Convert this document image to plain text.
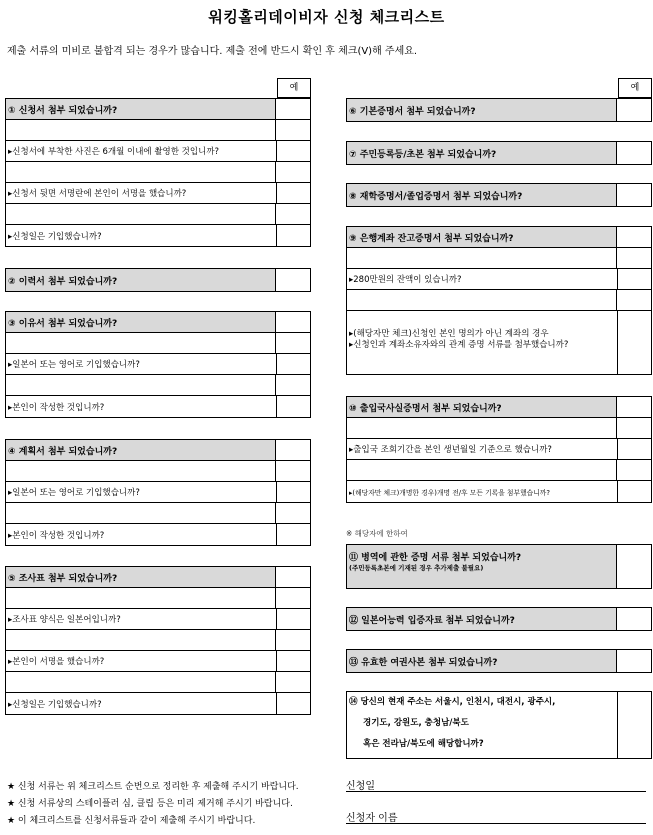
워킹홀리데이비자 신청 체크리스트
제출 서류의 미비로 불합격 되는 경우가 많습니다. 제출 전에 반드시 확인 후 체크(V)해 주세요.
예
① 신청서 첨부 되었습니까?
▸신청서에 부착한 사진은 6개월 이내에 촬영한 것입니까?
▸신청서 뒷면 서명란에 본인이 서명을 했습니까?
▸신청일은 기입했습니까?
② 이력서 첨부 되었습니까?
③ 이유서 첨부 되었습니까?
▸일본어 또는 영어로 기입했습니까?
▸본인이 작성한 것입니까?
④ 계획서 첨부 되었습니까?
▸일본어 또는 영어로 기입했습니까?
▸본인이 작성한 것입니까?
⑤ 조사표 첨부 되었습니까?
▸조사표 양식은 일본어입니까?
▸본인이 서명을 했습니까?
▸신청일은 기입했습니까?
예
⑥ 기본증명서 첨부 되었습니까?
⑦ 주민등록등/초본 첨부 되었습니까?
⑧ 재학증명서/졸업증명서 첨부 되었습니까?
⑨ 은행계좌 잔고증명서 첨부 되었습니까?
▸280만원의 잔액이 있습니까?
▸(해당자만 체크)신청인 본인 명의가 아닌 계좌의 경우
▸신청인과 계좌소유자와의 관계 증명 서류를 첨부했습니까?
⑩ 출입국사실증명서 첨부 되었습니까?
▸출입국 조회기간을 본인 생년월일 기준으로 했습니까?
▸(해당자만 체크)개명한 경우)개명 전/후 모든 기록을 첨부했습니까?
※ 해당자에 한하여
⑪ 병역에 관한 증명 서류 첨부 되었습니까?
(주민등록초본에 기재된 경우 추가제출 불필요)
⑫ 일본어능력 입증자료 첨부 되었습니까?
⑬ 유효한 여권사본 첨부 되었습니까?
⑭ 당신의 현재 주소는 서울시, 인천시, 대전시, 광주시,
경기도, 강원도, 충청남/북도
혹은 전라남/북도에 해당합니까?
★ 신청 서류는 위 체크리스트 순번으로 정리한 후 제출해 주시기 바랍니다.
★ 신청 서류상의 스테이플러 심, 클립 등은 미리 제거해 주시기 바랍니다.
★ 이 체크리스트를 신청서류들과 같이 제출해 주시기 바랍니다.
신청일
신청자 이름
